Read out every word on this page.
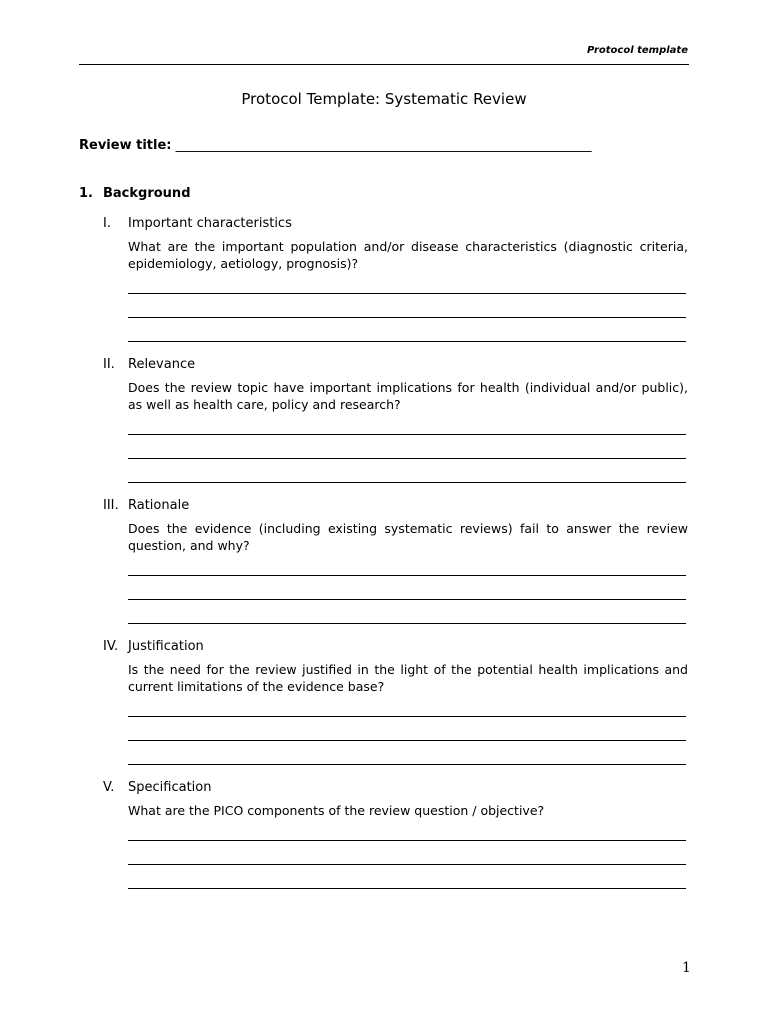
Protocol template
Protocol Template: Systematic Review
Review title: ________________________________________________________________
1. Background
I. Important characteristics
What are the important population and/or disease characteristics (diagnostic criteria, epidemiology, aetiology, prognosis)?
II. Relevance
Does the review topic have important implications for health (individual and/or public), as well as health care, policy and research?
III. Rationale
Does the evidence (including existing systematic reviews) fail to answer the review question, and why?
IV. Justification
Is the need for the review justified in the light of the potential health implications and current limitations of the evidence base?
V. Specification
What are the PICO components of the review question / objective?
1
